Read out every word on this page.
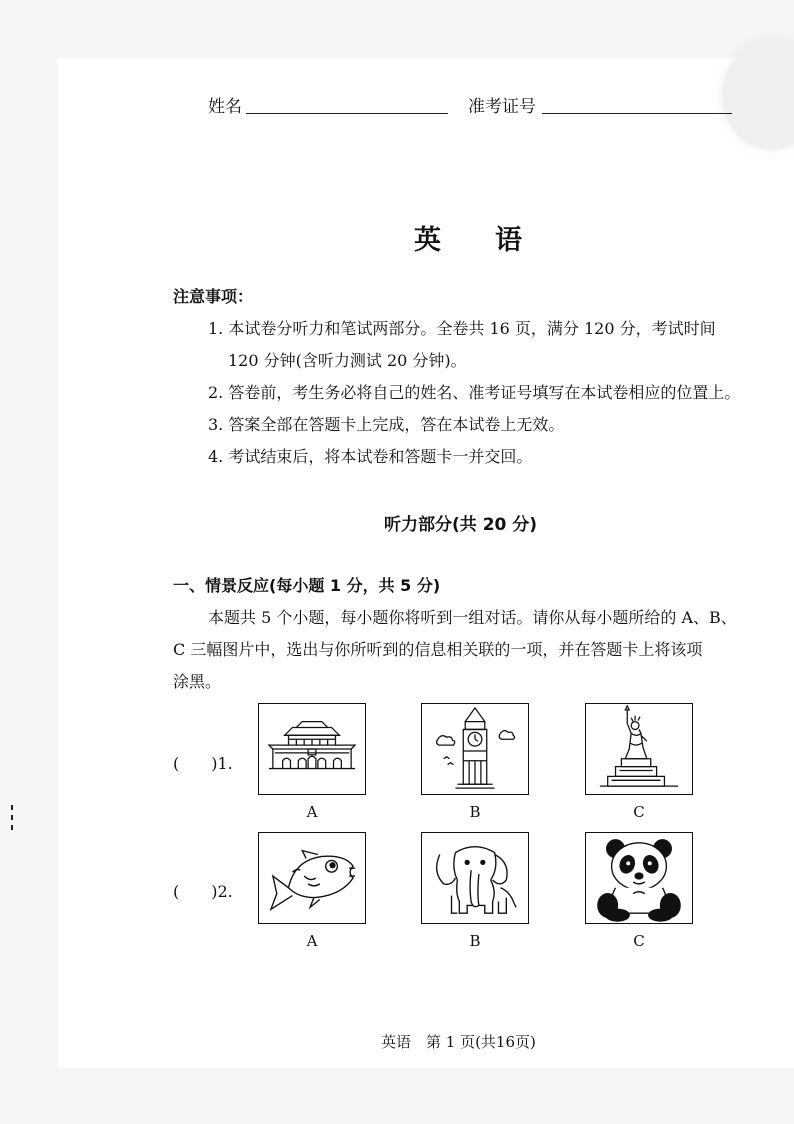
姓名	准考证号
英　　语
注意事项：
1. 本试卷分听力和笔试两部分。全卷共 16 页，满分 120 分，考试时间
120 分钟(含听力测试 20 分钟)。
2. 答卷前，考生务必将自己的姓名、准考证号填写在本试卷相应的位置上。
3. 答案全部在答题卡上完成，答在本试卷上无效。
4. 考试结束后，将本试卷和答题卡一并交回。
听力部分(共 20 分)
一、情景反应(每小题 1 分，共 5 分)
本题共 5 个小题，每小题你将听到一组对话。请你从每小题所给的 A、B、
C 三幅图片中，选出与你所听到的信息相关联的一项，并在答题卡上将该项
涂黑。
(　　)1.
A	B	C
(　　)2.
A	B	C
英语　第 1 页(共16页)
